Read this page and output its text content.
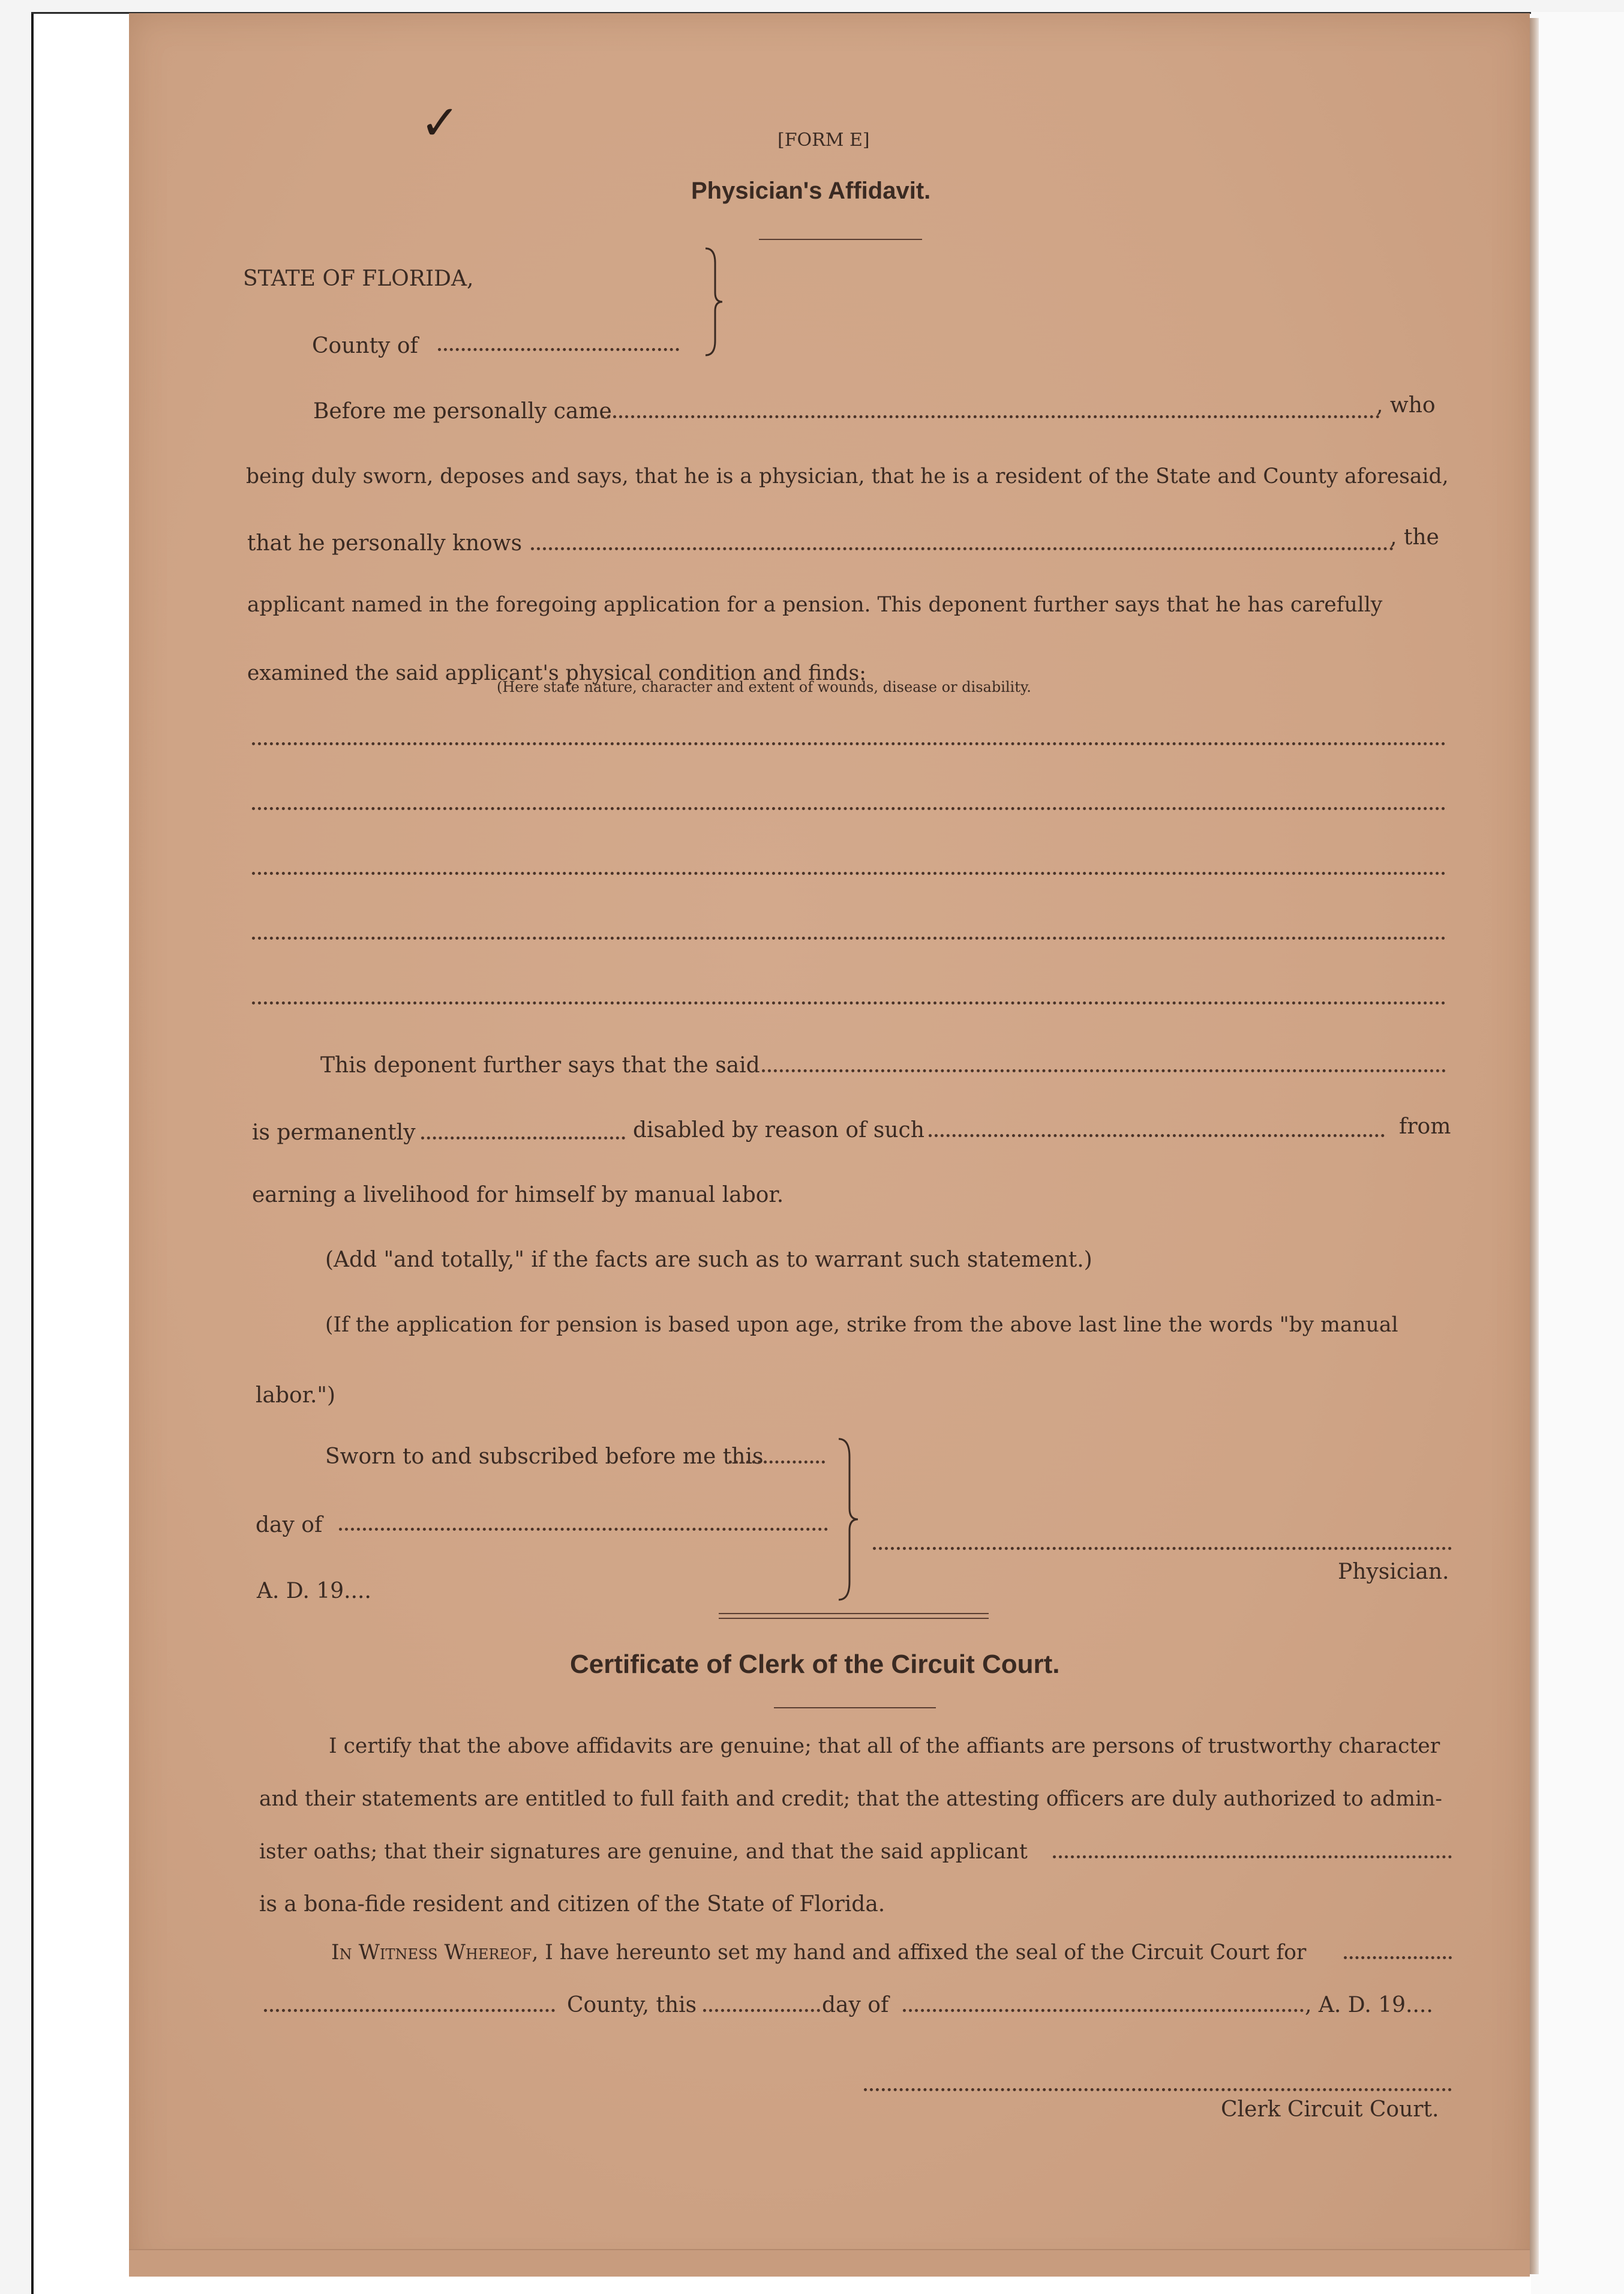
✓	[FORM E]
Physician's Affidavit.
STATE OF FLORIDA,
County of
Before me personally came	, who
being duly sworn, deposes and says, that he is a physician, that he is a resident of the State and County aforesaid,
that he personally knows	, the
applicant named in the foregoing application for a pension. This deponent further says that he has carefully
examined the said applicant's physical condition and finds:
(Here state nature, character and extent of wounds, disease or disability.
This deponent further says that the said
is permanently	disabled by reason of such	from
earning a livelihood for himself by manual labor.
(Add "and totally," if the facts are such as to warrant such statement.)
(If the application for pension is based upon age, strike from the above last line the words "by manual
labor.")
Sworn to and subscribed before me this
day of
A. D. 19....
Physician.
Certificate of Clerk of the Circuit Court.
I certify that the above affidavits are genuine; that all of the affiants are persons of trustworthy character
and their statements are entitled to full faith and credit; that the attesting officers are duly authorized to admin-
ister oaths; that their signatures are genuine, and that the said applicant
is a bona-fide resident and citizen of the State of Florida.
In Witness Whereof, I have hereunto set my hand and affixed the seal of the Circuit Court for
County, this	day of	, A. D. 19....
Clerk Circuit Court.
